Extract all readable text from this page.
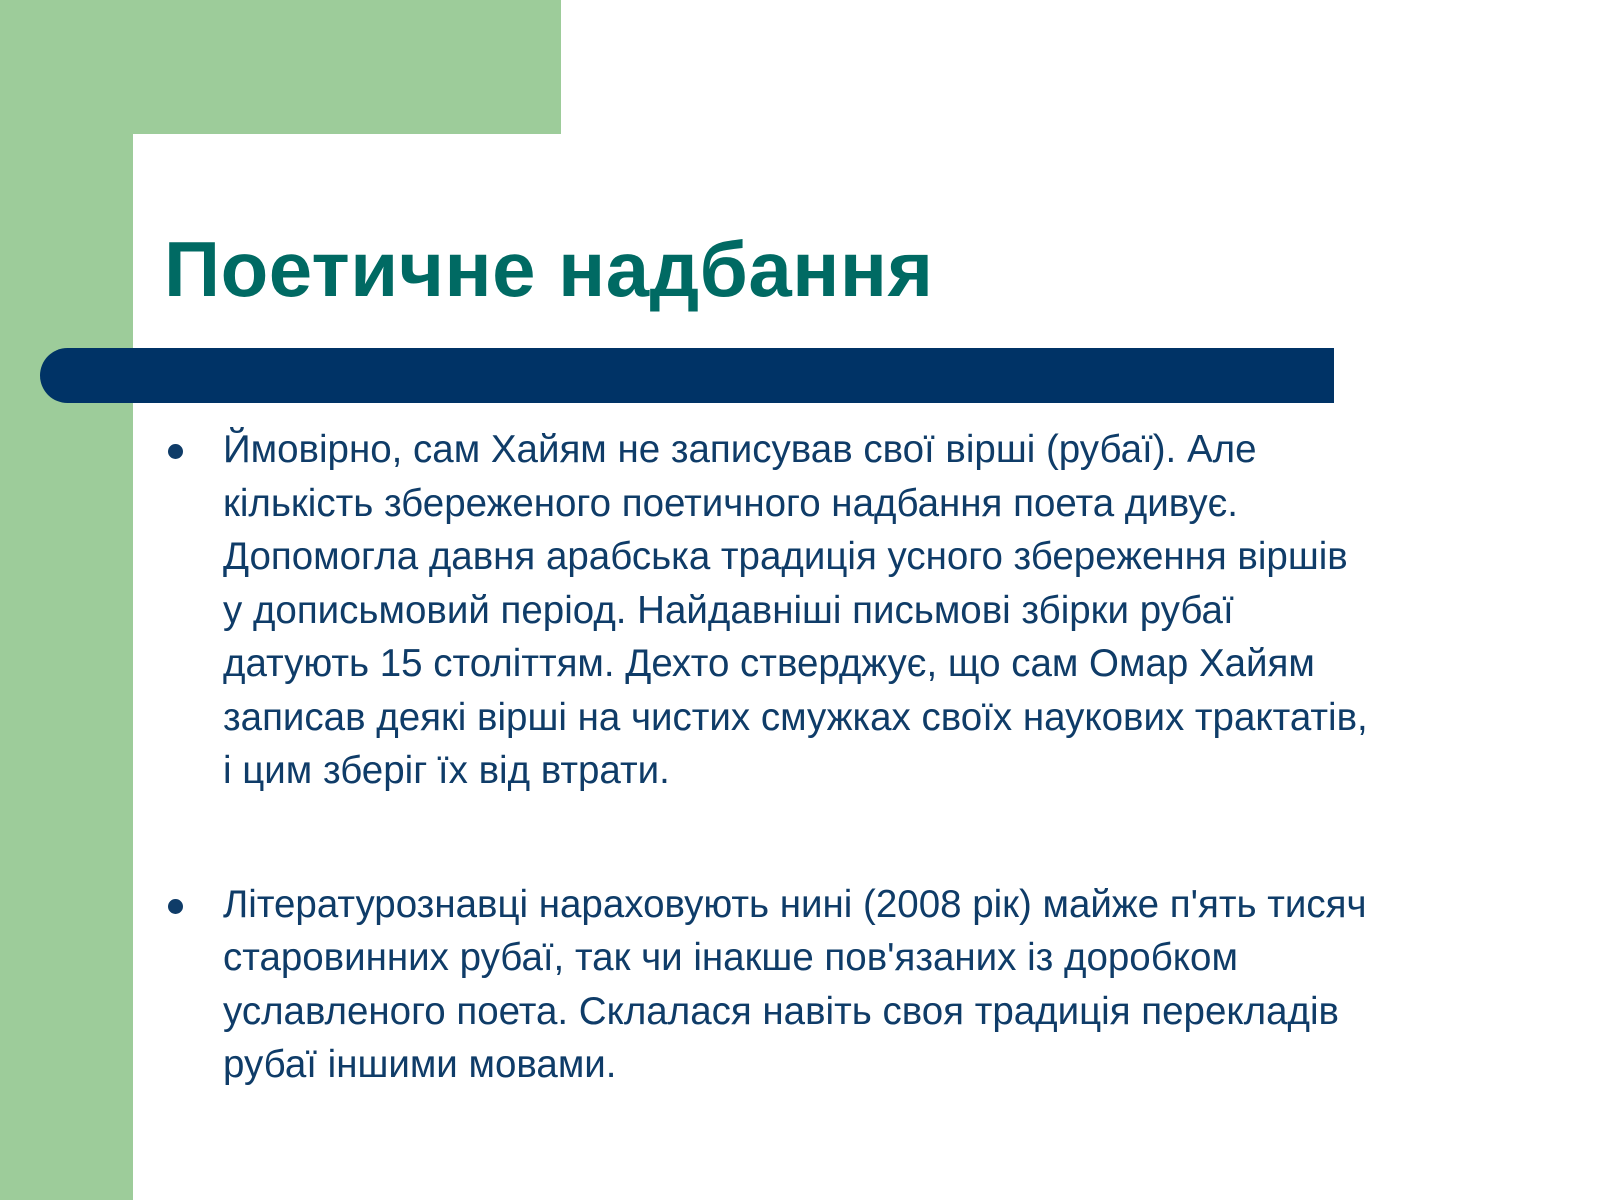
Поетичне надбання
Ймовірно, сам Хайям не записував свої вірші (рубаї). Але
кількість збереженого поетичного надбання поета дивує.
Допомогла давня арабська традиція усного збереження віршів
у дописьмовий період. Найдавніші письмові збірки рубаї
датують 15 століттям. Дехто стверджує, що сам Омар Хайям
записав деякі вірші на чистих смужках своїх наукових трактатів,
і цим зберіг їх від втрати.
Літературознавці нараховують нині (2008 рік) майже п'ять тисяч
старовинних рубаї, так чи інакше пов'язаних із доробком
уславленого поета. Склалася навіть своя традиція перекладів
рубаї іншими мовами.
